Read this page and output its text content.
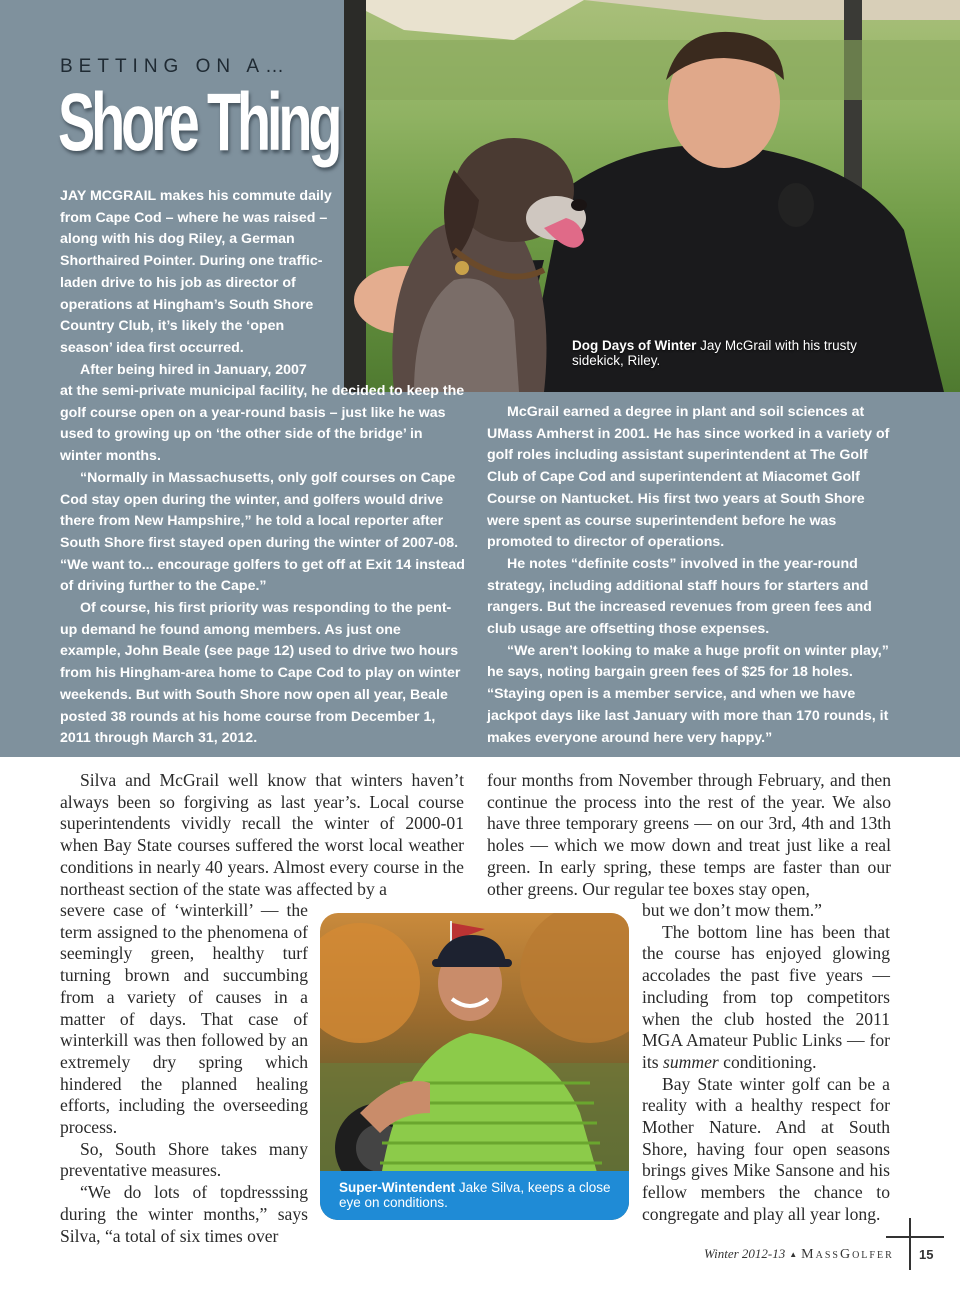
Dog Days of Winter Jay McGrail with his trusty sidekick, Riley.
BETTING ON A…
Shore Thing

JAY MCGRAIL makes his commute daily from Cape Cod – where he was raised – along with his dog Riley, a German Shorthaired Pointer. During one traffic-laden drive to his job as director of operations at Hingham’s South Shore Country Club, it’s likely the ‘open season’ idea first occurred.

After being hired in January, 2007

at the semi-private municipal facility, he decided to keep the golf course open on a year-round basis – just like he was used to growing up on ‘the other side of the bridge’ in winter months.

“Normally in Massachusetts, only golf courses on Cape Cod stay open during the winter, and golfers would drive there from New Hampshire,” he told a local reporter after South Shore first stayed open during the winter of 2007-08. “We want to... encourage golfers to get off at Exit 14 instead of driving further to the Cape.”

Of course, his first priority was responding to the pent-up demand he found among members. As just one example, John Beale (see page 12) used to drive two hours from his Hingham-area home to Cape Cod to play on winter weekends. But with South Shore now open all year, Beale posted 38 rounds at his home course from December 1, 2011 through March 31, 2012.

McGrail earned a degree in plant and soil sciences at UMass Amherst in 2001. He has since worked in a variety of golf roles including assistant superintendent at The Golf Club of Cape Cod and superintendent at Miacomet Golf Course on Nantucket. His first two years at South Shore were spent as course superintendent before he was promoted to director of operations.

He notes “definite costs” involved in the year-round strategy, including additional staff hours for starters and rangers. But the increased revenues from green fees and club usage are offsetting those expenses.

“We aren’t looking to make a huge profit on winter play,” he says, noting bargain green fees of $25 for 18 holes. “Staying open is a member service, and when we have jackpot days like last January with more than 170 rounds, it makes everyone around here very happy.”

Silva and McGrail well know that winters haven’t always been so forgiving as last year’s. Local course superintendents vividly recall the winter of 2000-01 when Bay State courses suffered the worst local weather conditions in nearly 40 years. Almost every course in the northeast section of the state was affected by a

severe case of ‘winterkill’ — the term assigned to the phenomena of seemingly green, healthy turf turning brown and succumbing from a variety of causes in a matter of days. That case of winterkill was then followed by an extremely dry spring which hindered the planned healing efforts, including the overseeding process.

So, South Shore takes many preventative measures.

“We do lots of topdresssing during the winter months,” says Silva, “a total of six times over

four months from November through February, and then continue the process into the rest of the year. We also have three temporary greens — on our 3rd, 4th and 13th holes — which we mow down and treat just like a real green. In early spring, these temps are faster than our other greens. Our regular tee boxes stay open,

but we don’t mow them.”

The bottom line has been that the course has enjoyed glowing accolades the past five years — including from top competitors when the club hosted the 2011 MGA Amateur Public Links — for its summer conditioning.

Bay State winter golf can be a reality with a healthy respect for Mother Nature. And at South Shore, having four open seasons brings gives Mike Sansone and his fellow members the chance to congregate and play all year long.

Super-Wintendent Jake Silva, keeps a close eye on conditions.
Winter 2012-13 ▲ MassGolfer 15
